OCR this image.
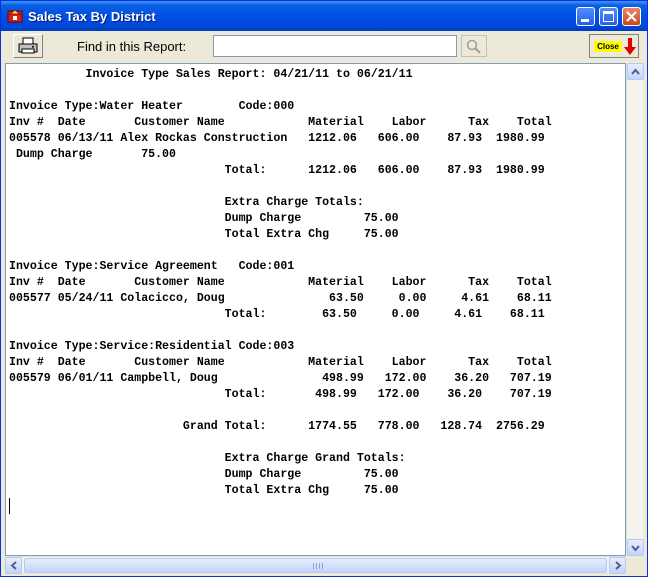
Sales Tax By District
Find in this Report:	Close
Invoice Type Sales Report: 04/21/11 to 06/21/11
Invoice Type:Water Heater        Code:000
Inv #  Date       Customer Name            Material    Labor      Tax    Total
005578 06/13/11 Alex Rockas Construction   1212.06   606.00    87.93  1980.99
Dump Charge       75.00
Total:      1212.06   606.00    87.93  1980.99
Extra Charge Totals:
Dump Charge         75.00
Total Extra Chg     75.00
Invoice Type:Service Agreement   Code:001
Inv #  Date       Customer Name            Material    Labor      Tax    Total
005577 05/24/11 Colacicco, Doug               63.50     0.00     4.61    68.11
Total:        63.50     0.00     4.61    68.11
Invoice Type:Service:Residential Code:003
Inv #  Date       Customer Name            Material    Labor      Tax    Total
005579 06/01/11 Campbell, Doug               498.99   172.00    36.20   707.19
Total:       498.99   172.00    36.20    707.19
Grand Total:      1774.55   778.00   128.74  2756.29
Extra Charge Grand Totals:
Dump Charge         75.00
Total Extra Chg     75.00
